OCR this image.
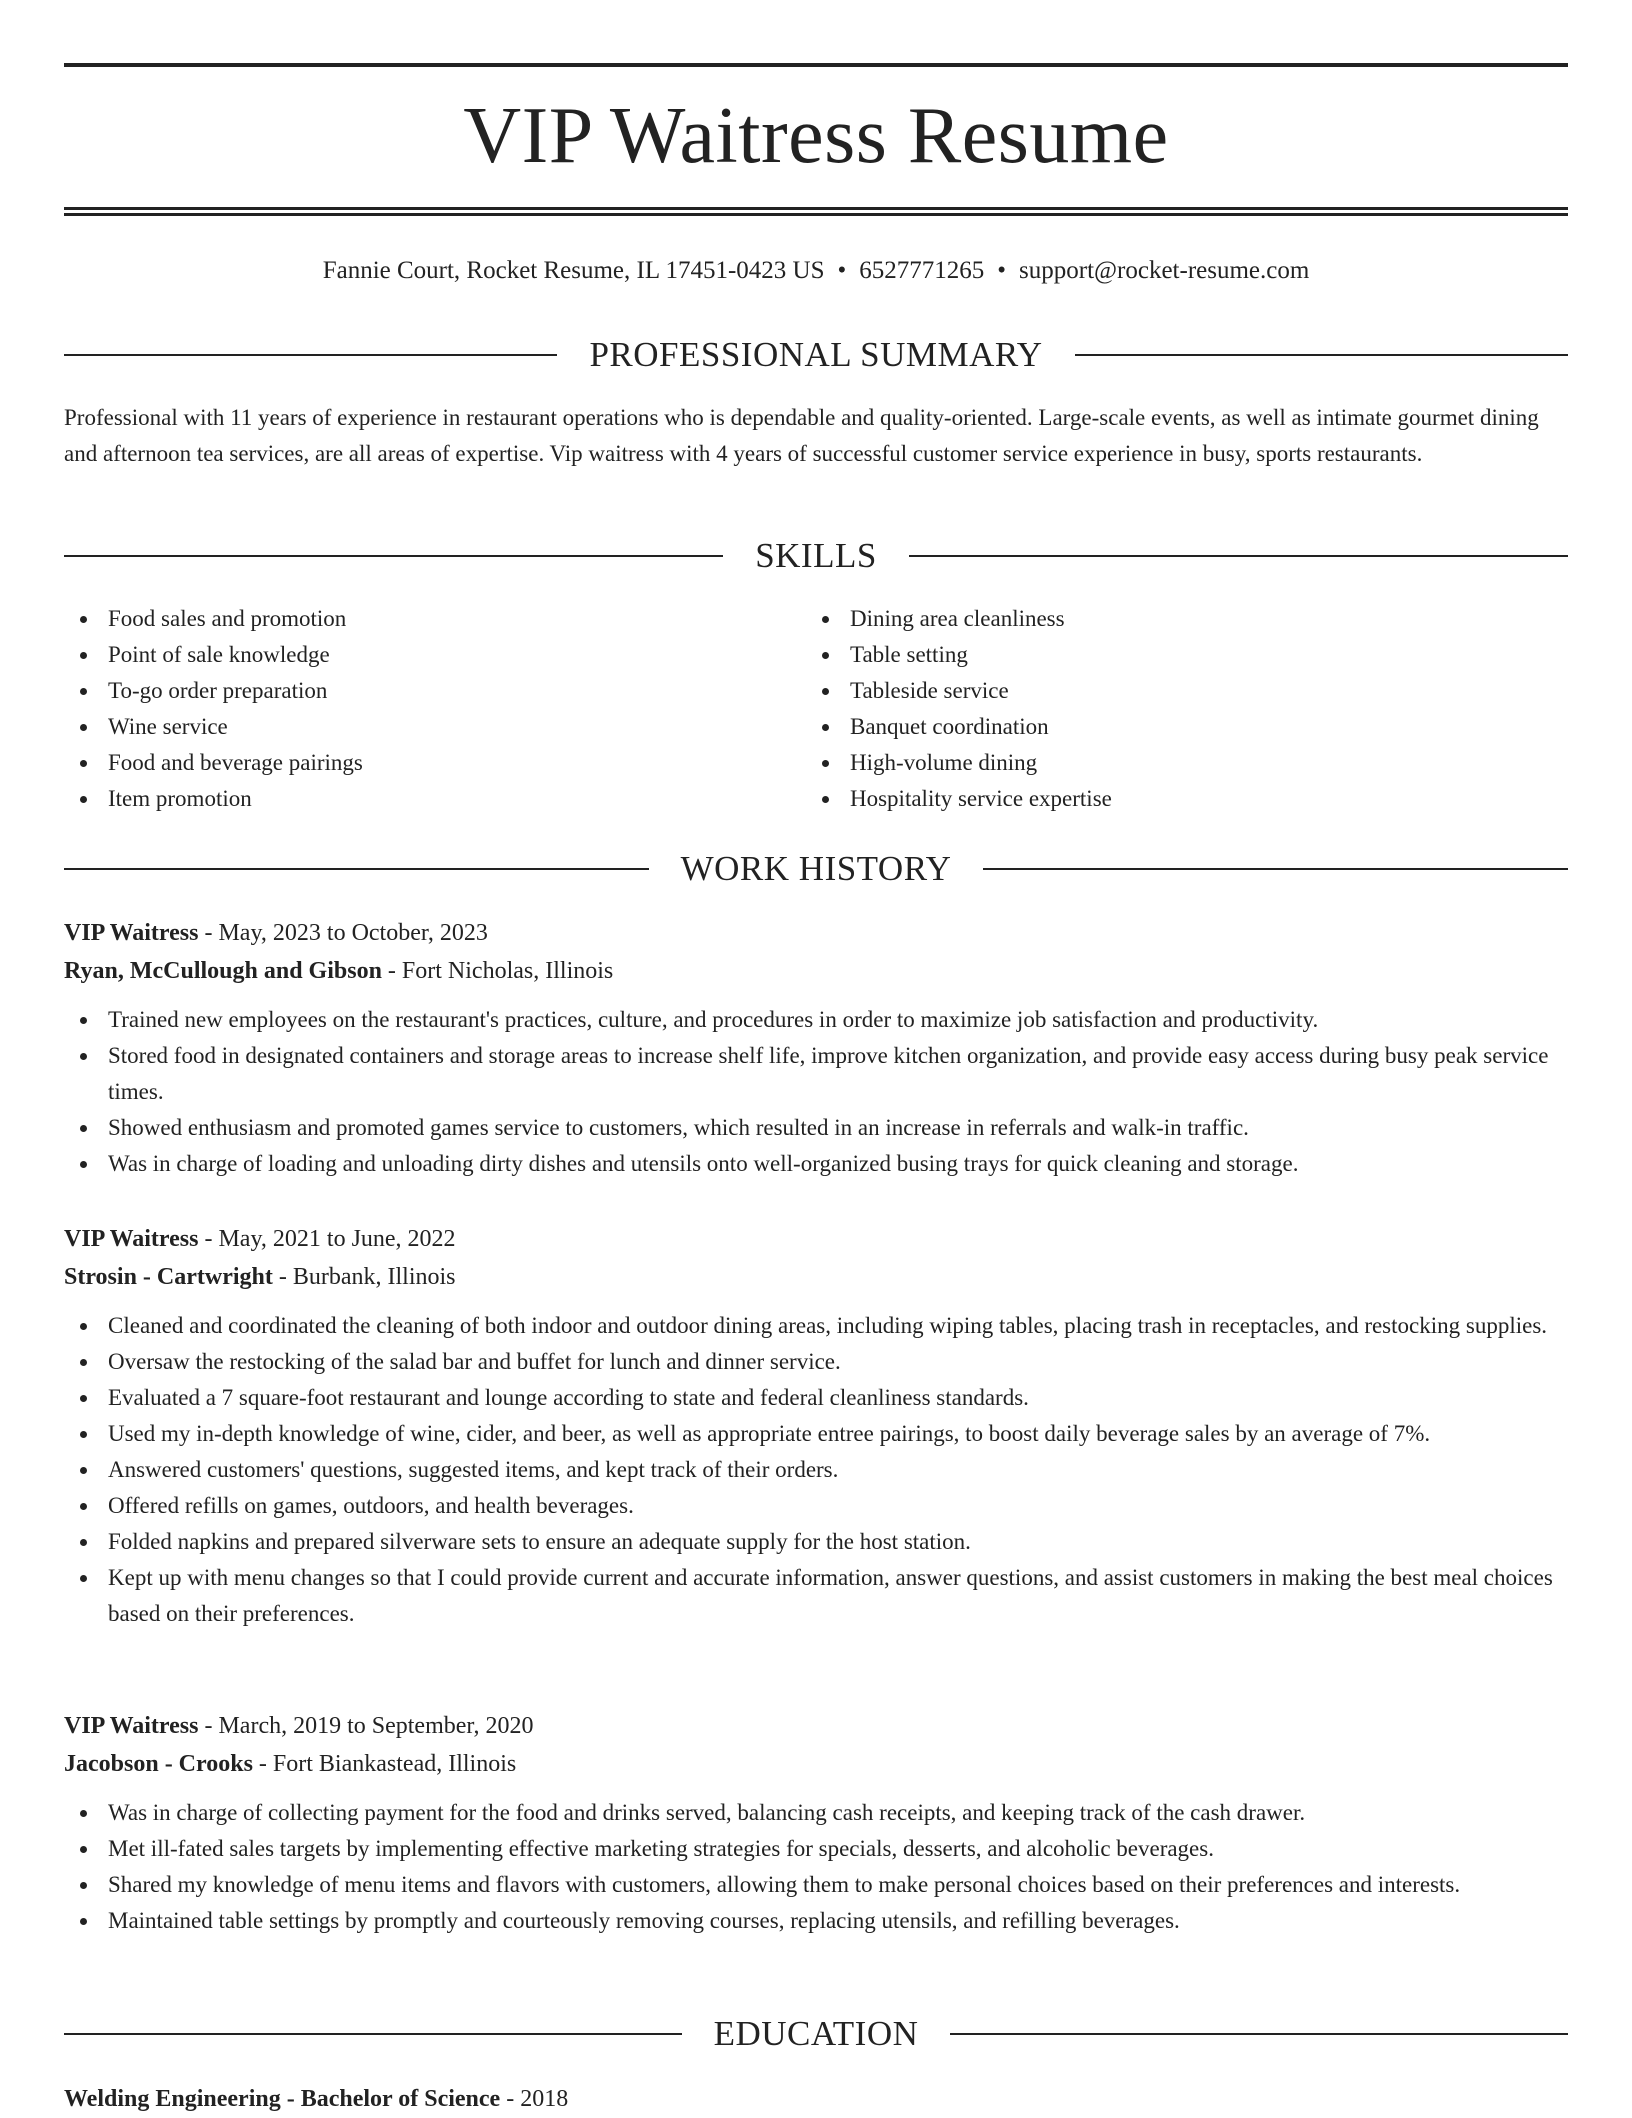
VIP Waitress Resume
Fannie Court, Rocket Resume, IL 17451-0423 US • 6527771265 • support@rocket-resume.com
PROFESSIONAL SUMMARY

Professional with 11 years of experience in restaurant operations who is dependable and quality-oriented. Large-scale events, as well as intimate gourmet dining and afternoon tea services, are all areas of expertise. Vip waitress with 4 years of successful customer service experience in busy, sports restaurants.

SKILLS
Food sales and promotion
Point of sale knowledge
To-go order preparation
Wine service
Food and beverage pairings
Item promotion
Dining area cleanliness
Table setting
Tableside service
Banquet coordination
High-volume dining
Hospitality service expertise
WORK HISTORY
VIP Waitress - May, 2023 to October, 2023
Ryan, McCullough and Gibson - Fort Nicholas, Illinois
Trained new employees on the restaurant's practices, culture, and procedures in order to maximize job satisfaction and productivity.
Stored food in designated containers and storage areas to increase shelf life, improve kitchen organization, and provide easy access during busy peak service times.
Showed enthusiasm and promoted games service to customers, which resulted in an increase in referrals and walk-in traffic.
Was in charge of loading and unloading dirty dishes and utensils onto well-organized busing trays for quick cleaning and storage.
VIP Waitress - May, 2021 to June, 2022
Strosin - Cartwright - Burbank, Illinois
Cleaned and coordinated the cleaning of both indoor and outdoor dining areas, including wiping tables, placing trash in receptacles, and restocking supplies.
Oversaw the restocking of the salad bar and buffet for lunch and dinner service.
Evaluated a 7 square-foot restaurant and lounge according to state and federal cleanliness standards.
Used my in-depth knowledge of wine, cider, and beer, as well as appropriate entree pairings, to boost daily beverage sales by an average of 7%.
Answered customers' questions, suggested items, and kept track of their orders.
Offered refills on games, outdoors, and health beverages.
Folded napkins and prepared silverware sets to ensure an adequate supply for the host station.
Kept up with menu changes so that I could provide current and accurate information, answer questions, and assist customers in making the best meal choices based on their preferences.
VIP Waitress - March, 2019 to September, 2020
Jacobson - Crooks - Fort Biankastead, Illinois
Was in charge of collecting payment for the food and drinks served, balancing cash receipts, and keeping track of the cash drawer.
Met ill-fated sales targets by implementing effective marketing strategies for specials, desserts, and alcoholic beverages.
Shared my knowledge of menu items and flavors with customers, allowing them to make personal choices based on their preferences and interests.
Maintained table settings by promptly and courteously removing courses, replacing utensils, and refilling beverages.
EDUCATION
Welding Engineering - Bachelor of Science - 2018
